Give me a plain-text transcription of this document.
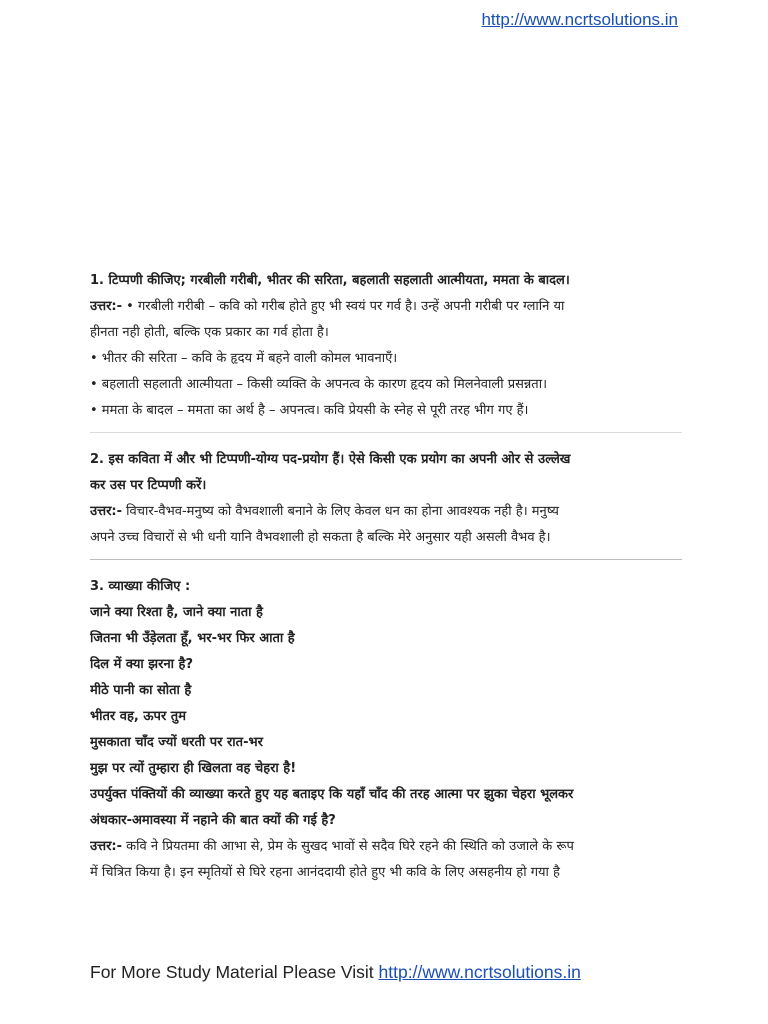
http://www.ncrtsolutions.in
1. टिप्पणी कीजिए; गरबीली गरीबी, भीतर की सरिता, बहलाती सहलाती आत्मीयता, ममता के बादल।
उत्तर:- • गरबीली गरीबी – कवि को गरीब होते हुए भी स्वयं पर गर्व है। उन्हें अपनी गरीबी पर ग्लानि या
हीनता नही होती, बल्कि एक प्रकार का गर्व होता है।
• भीतर की सरिता – कवि के हृदय में बहने वाली कोमल भावनाएँ।
• बहलाती सहलाती आत्मीयता – किसी व्यक्ति के अपनत्व के कारण हृदय को मिलनेवाली प्रसन्नता।
• ममता के बादल – ममता का अर्थ है – अपनत्व। कवि प्रेयसी के स्नेह से पूरी तरह भीग गए हैं।
2. इस कविता में और भी टिप्पणी-योग्य पद-प्रयोग हैं। ऐसे किसी एक प्रयोग का अपनी ओर से उल्लेख
कर उस पर टिप्पणी करें।
उत्तर:- विचार-वैभव-मनुष्य को वैभवशाली बनाने के लिए केवल धन का होना आवश्यक नही है। मनुष्य
अपने उच्च विचारों से भी धनी यानि वैभवशाली हो सकता है बल्कि मेरे अनुसार यही असली वैभव है।
3. व्याख्या कीजिए :
जाने क्या रिश्ता है, जाने क्या नाता है
जितना भी उँड़ेलता हूँ, भर-भर फिर आता है
दिल में क्या झरना है?
मीठे पानी का सोता है
भीतर वह, ऊपर तुम
मुसकाता चाँद ज्यों धरती पर रात-भर
मुझ पर त्यों तुम्हारा ही खिलता वह चेहरा है!
उपर्युक्त पंक्तियों की व्याख्या करते हुए यह बताइए कि यहाँ चाँद की तरह आत्मा पर झुका चेहरा भूलकर
अंधकार-अमावस्या में नहाने की बात क्यों की गई है?
उत्तर:- कवि ने प्रियतमा की आभा से, प्रेम के सुखद भावों से सदैव घिरे रहने की स्थिति को उजाले के रूप
में चित्रित किया है। इन स्मृतियों से घिरे रहना आनंददायी होते हुए भी कवि के लिए असहनीय हो गया है
For More Study Material Please Visit http://www.ncrtsolutions.in
